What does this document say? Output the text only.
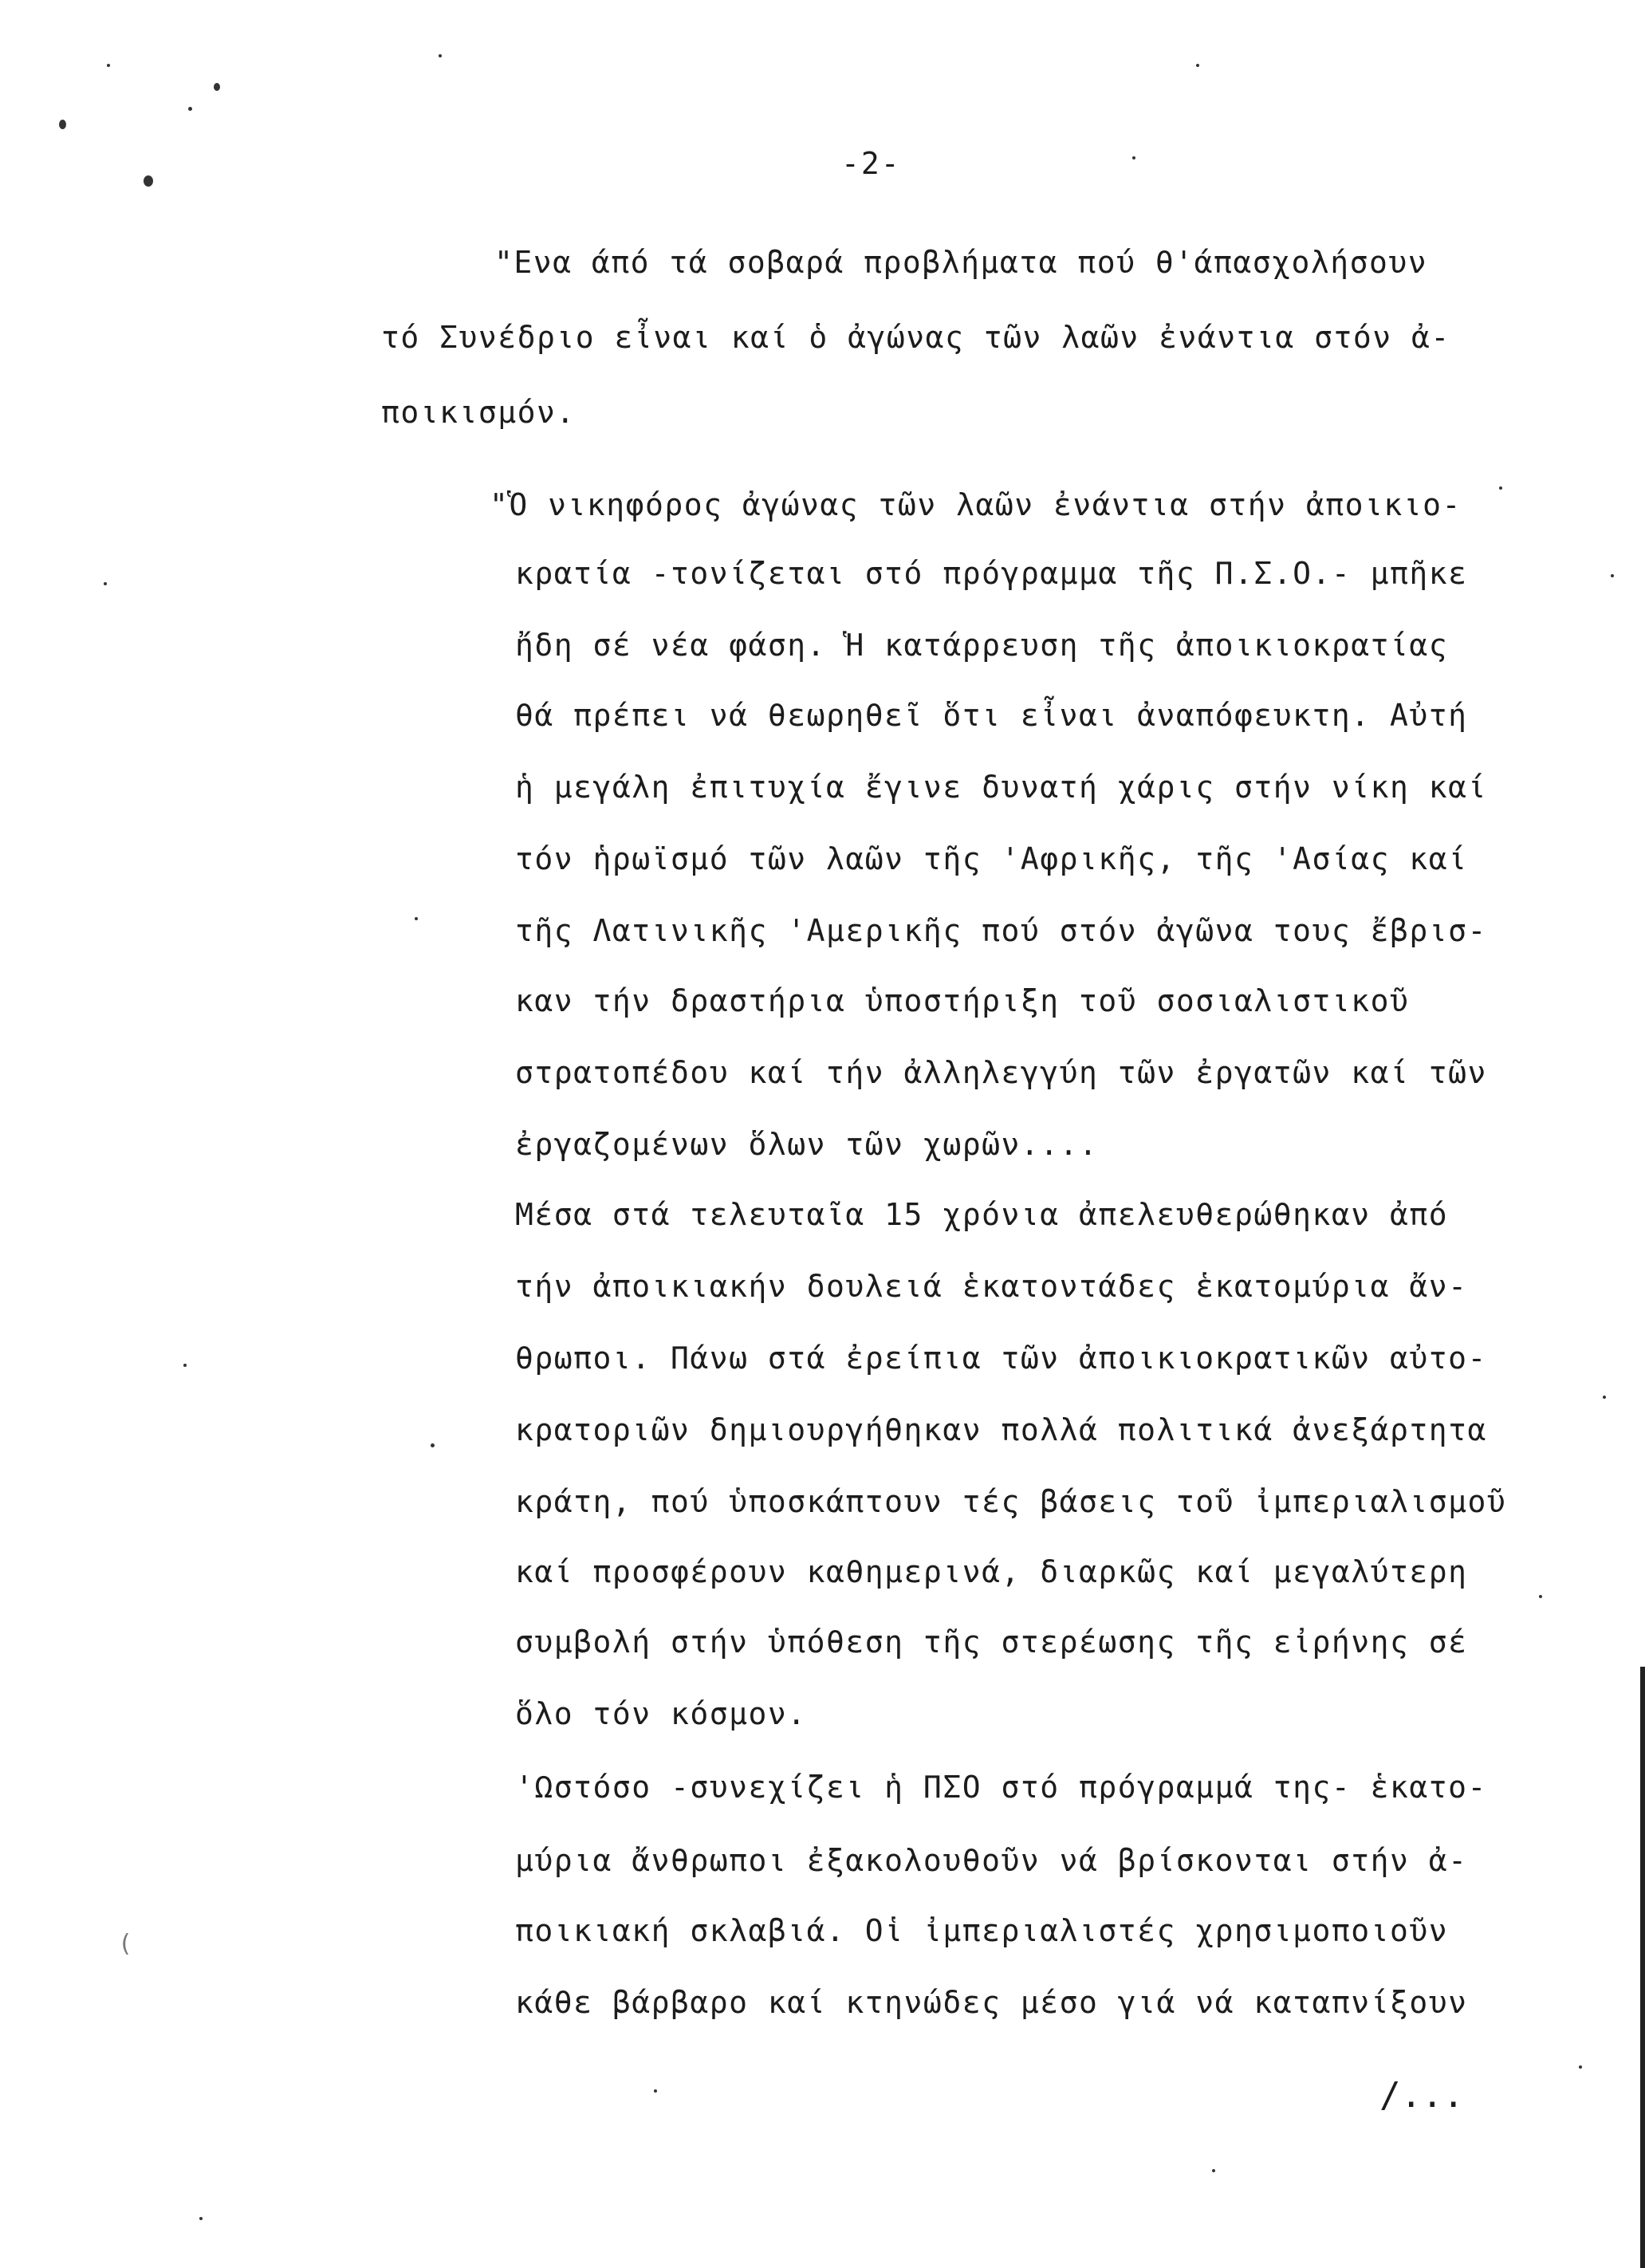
-2-
"Ενα άπό τά σοβαρά προβλήματα πού θ'άπασχολήσουν
τό Συνέδριο εἶναι καί ὁ ἀγώνας τῶν λαῶν ἐνάντια στόν ἀ-
ποικισμόν.
"Ὁ νικηφόρος ἀγώνας τῶν λαῶν ἐνάντια στήν ἀποικιο-
κρατία -τονίζεται στό πρόγραμμα τῆς Π.Σ.Ο.- μπῆκε
ἤδη σέ νέα φάση. Ἡ κατάρρευση τῆς ἀποικιοκρατίας
θά πρέπει νά θεωρηθεῖ ὅτι εἶναι ἀναπόφευκτη. Αὐτή
ἡ μεγάλη ἐπιτυχία ἔγινε δυνατή χάρις στήν νίκη καί
τόν ἡρωϊσμό τῶν λαῶν τῆς 'Αφρικῆς, τῆς 'Ασίας καί
τῆς Λατινικῆς 'Αμερικῆς πού στόν ἀγῶνα τους ἔβρισ-
καν τήν δραστήρια ὑποστήριξη τοῦ σοσιαλιστικοῦ
στρατοπέδου καί τήν ἀλληλεγγύη τῶν ἐργατῶν καί τῶν
ἐργαζομένων ὅλων τῶν χωρῶν....
Μέσα στά τελευταῖα 15 χρόνια ἀπελευθερώθηκαν ἀπό
τήν ἀποικιακήν δουλειά ἑκατοντάδες ἑκατομύρια ἄν-
θρωποι. Πάνω στά ἐρείπια τῶν ἀποικιοκρατικῶν αὐτο-
κρατοριῶν δημιουργήθηκαν πολλά πολιτικά ἀνεξάρτητα
κράτη, πού ὑποσκάπτουν τές βάσεις τοῦ ἰμπεριαλισμοῦ
καί προσφέρουν καθημερινά, διαρκῶς καί μεγαλύτερη
συμβολή στήν ὑπόθεση τῆς στερέωσης τῆς εἰρήνης σέ
ὅλο τόν κόσμον.
'Ωστόσο -συνεχίζει ἡ ΠΣΟ στό πρόγραμμά της- ἑκατο-
μύρια ἄνθρωποι ἐξακολουθοῦν νά βρίσκονται στήν ἀ-
ποικιακή σκλαβιά. Οἱ ἰμπεριαλιστές χρησιμοποιοῦν
κάθε βάρβαρο καί κτηνώδες μέσο γιά νά καταπνίξουν
/...
(
